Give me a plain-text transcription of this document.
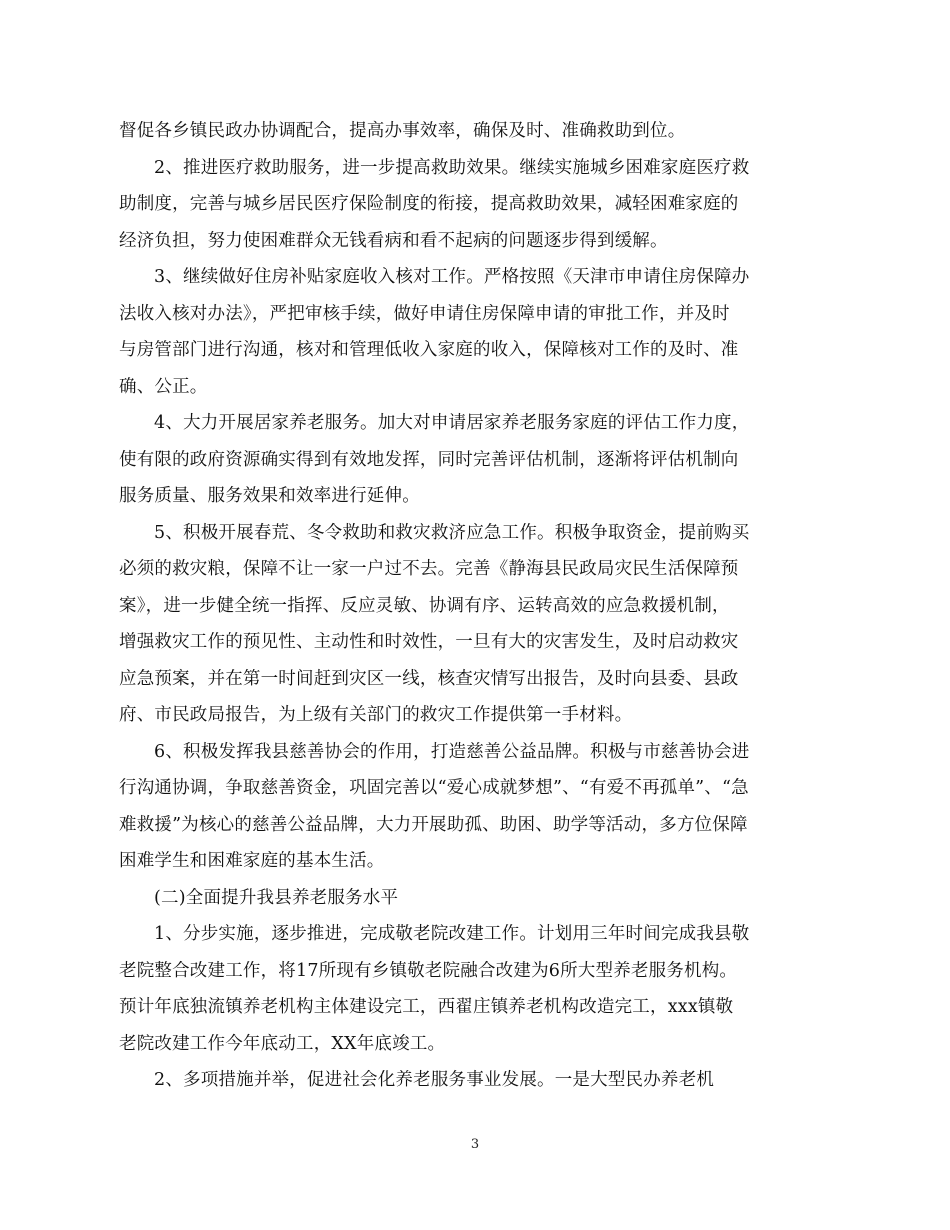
督促各乡镇民政办协调配合，提高办事效率，确保及时、准确救助到位。
2、推进医疗救助服务，进一步提高救助效果。继续实施城乡困难家庭医疗救
助制度，完善与城乡居民医疗保险制度的衔接，提高救助效果，减轻困难家庭的
经济负担，努力使困难群众无钱看病和看不起病的问题逐步得到缓解。
3、继续做好住房补贴家庭收入核对工作。严格按照《天津市申请住房保障办
法收入核对办法》，严把审核手续，做好申请住房保障申请的审批工作，并及时
与房管部门进行沟通，核对和管理低收入家庭的收入，保障核对工作的及时、准
确、公正。
4、大力开展居家养老服务。加大对申请居家养老服务家庭的评估工作力度，
使有限的政府资源确实得到有效地发挥，同时完善评估机制，逐渐将评估机制向
服务质量、服务效果和效率进行延伸。
5、积极开展春荒、冬令救助和救灾救济应急工作。积极争取资金，提前购买
必须的救灾粮，保障不让一家一户过不去。完善《静海县民政局灾民生活保障预
案》，进一步健全统一指挥、反应灵敏、协调有序、运转高效的应急救援机制，
增强救灾工作的预见性、主动性和时效性，一旦有大的灾害发生，及时启动救灾
应急预案，并在第一时间赶到灾区一线，核查灾情写出报告，及时向县委、县政
府、市民政局报告，为上级有关部门的救灾工作提供第一手材料。
6、积极发挥我县慈善协会的作用，打造慈善公益品牌。积极与市慈善协会进
行沟通协调，争取慈善资金，巩固完善以“爱心成就梦想”、“有爱不再孤单”、“急
难救援”为核心的慈善公益品牌，大力开展助孤、助困、助学等活动，多方位保障
困难学生和困难家庭的基本生活。
(二)全面提升我县养老服务水平
1、分步实施，逐步推进，完成敬老院改建工作。计划用三年时间完成我县敬
老院整合改建工作，将17所现有乡镇敬老院融合改建为6所大型养老服务机构。
预计年底独流镇养老机构主体建设完工，西翟庄镇养老机构改造完工，xxx镇敬
老院改建工作今年底动工，XX年底竣工。
2、多项措施并举，促进社会化养老服务事业发展。一是大型民办养老机
3
